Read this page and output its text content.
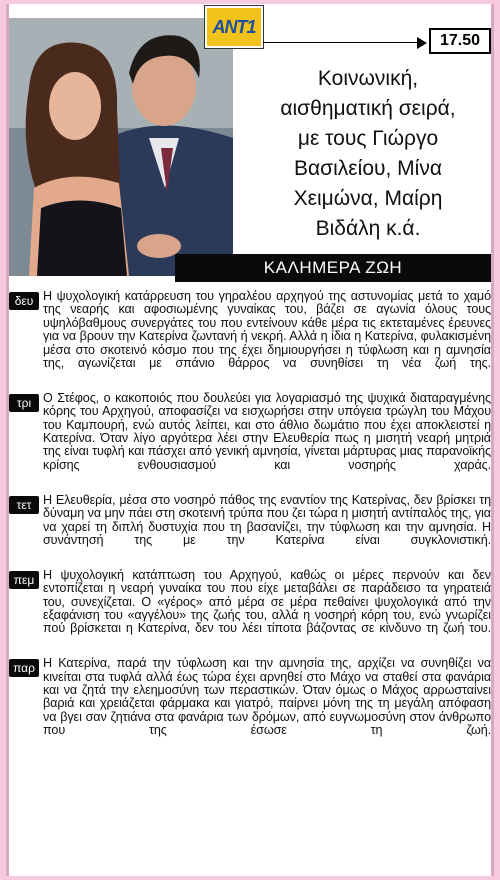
ANT1
17.50
Κοινωνική,
αισθηματική σειρά,
με τους Γιώργο
Βασιλείου, Μίνα
Χειμώνα, Μαίρη
Βιδάλη κ.ά.
ΚΑΛΗΜΕΡΑ ΖΩΗ
δευ Η ψυχολογική κατάρρευση του γηραλέου αρχηγού της αστυνομίας μετά το χαμό της νεαρής και αφοσιωμένης γυναίκας του, βάζει σε αγωνία όλους τους υψηλόβαθμους συνεργάτες του που εντείνουν κάθε μέρα τις εκτεταμένες έρευνες για να βρουν την Κατερίνα ζωντανή ή νεκρή. Αλλά η ίδια η Κατερίνα, φυλακισμένη μέσα στο σκοτεινό κόσμο που της έχει δημιουργήσει η τύφλωση και η αμνησία της, αγωνίζεται με σπάνιο θάρρος να συνηθίσει τη νέα ζωή της.
τρι Ο Στέφος, ο κακοποιός που δουλεύει για λογαριασμό της ψυχικά διαταραγμένης κόρης του Αρχηγού, αποφασίζει να εισχωρήσει στην υπόγεια τρώγλη του Μάχου του Καμπουρή, ενώ αυτός λείπει, και στο άθλιο δωμάτιο που έχει αποκλειστεί η Κατερίνα. Όταν λίγο αργότερα λέει στην Ελευθερία πως η μισητή νεαρή μητριά της είναι τυφλή και πάσχει από γενική αμνησία, γίνεται μάρτυρας μιας παρανοϊκής κρίσης ενθουσιασμού και νοσηρής χαράς.
τετ Η Ελευθερία, μέσα στο νοσηρό πάθος της εναντίον της Κατερίνας, δεν βρίσκει τη δύναμη να μην πάει στη σκοτεινή τρύπα που ζει τώρα η μισητή αντίπαλός της, για να χαρεί τη διπλή δυστυχία που τη βασανίζει, την τύφλωση και την αμνησία. Η συνάντησή της με την Κατερίνα είναι συγκλονιστική.
πεμ Η ψυχολογική κατάπτωση του Αρχηγού, καθώς οι μέρες περνούν και δεν εντοπίζεται η νεαρή γυναίκα του που είχε μεταβάλει σε παράδεισο τα γηρατειά του, συνεχίζεται. Ο «γέρος» από μέρα σε μέρα πεθαίνει ψυχολογικά από την εξαφάνιση του «αγγέλου» της ζωής του, αλλά η νοσηρή κόρη του, ενώ γνωρίζει πού βρίσκεται η Κατερίνα, δεν του λέει τίποτα βάζοντας σε κίνδυνο τη ζωή του.
παρ Η Κατερίνα, παρά την τύφλωση και την αμνησία της, αρχίζει να συνηθίζει να κινείται στα τυφλά αλλά έως τώρα έχει αρνηθεί στο Μάχο να σταθεί στα φανάρια και να ζητά την ελεημοσύνη των περαστικών. Όταν όμως ο Μάχος αρρωσταίνει βαριά και χρειάζεται φάρμακα και γιατρό, παίρνει μόνη της τη μεγάλη απόφαση να βγει σαν ζητιάνα στα φανάρια των δρόμων, από ευγνωμοσύνη στον άνθρωπο που της έσωσε τη ζωή.
